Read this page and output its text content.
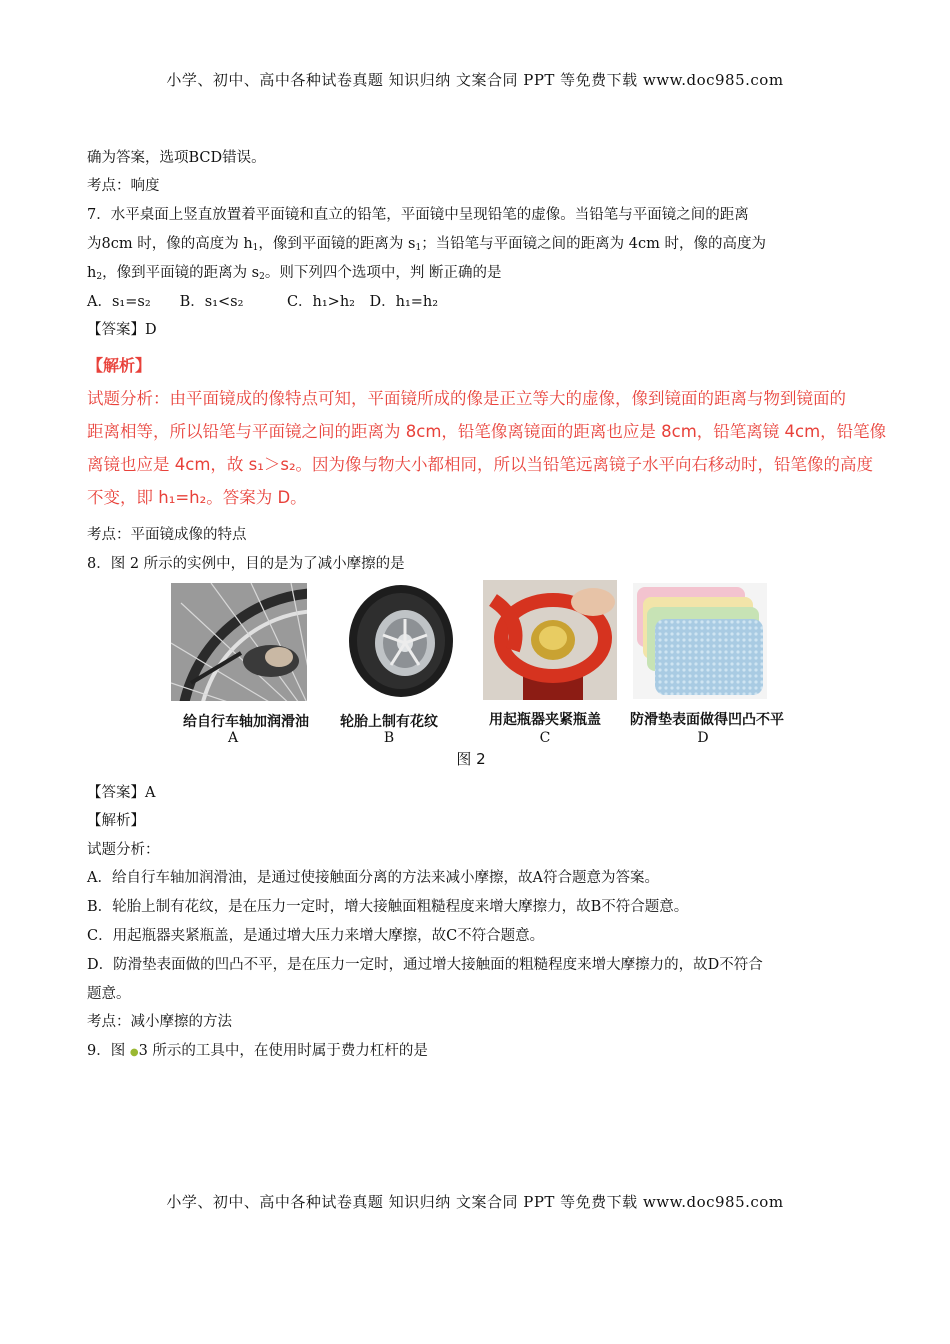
小学、初中、高中各种试卷真题 知识归纳 文案合同 PPT 等免费下载 www.doc985.com
确为答案，选项BCD错误。
考点：响度
7．水平桌面上竖直放置着平面镜和直立的铅笔，平面镜中呈现铅笔的虚像。当铅笔与平面镜之间的距离
为8cm 时，像的高度为 $h_1$，像到平面镜的距离为 $s_1$；当铅笔与平面镜之间的距离为 4cm 时，像的高度为
$h_2$，像到平面镜的距离为 $s_2$。则下列四个选项中，判 断正确的是
A．s₁=s₂　　B．s₁<s₂　　　C．h₁>h₂　D．h₁=h₂
【答案】D
【解析】
试题分析：由平面镜成的像特点可知，平面镜所成的像是正立等大的虚像，像到镜面的距离与物到镜面的
距离相等，所以铅笔与平面镜之间的距离为 8cm，铅笔像离镜面的距离也应是 8cm，铅笔离镜 4cm，铅笔像
离镜也应是 4cm，故 s₁＞s₂。因为像与物大小都相同，所以当铅笔远离镜子水平向右移动时，铅笔像的高度
不变，即 h₁=h₂。答案为 D。
考点：平面镜成像的特点
8．图 2 所示的实例中，目的是为了减小摩擦的是
给自行车轴加润滑油
A
轮胎上制有花纹
B
用起瓶器夹紧瓶盖
C
防滑垫表面做得凹凸不平
D
图 2
【答案】A
【解析】
试题分析：
A．给自行车轴加润滑油，是通过使接触面分离的方法来减小摩擦，故A符合题意为答案。
B．轮胎上制有花纹，是在压力一定时，增大接触面粗糙程度来增大摩擦力，故B不符合题意。
C．用起瓶器夹紧瓶盖，是通过增大压力来增大摩擦，故C不符合题意。
D．防滑垫表面做的凹凸不平，是在压力一定时，通过增大接触面的粗糙程度来增大摩擦力的，故D不符合
题意。
考点：减小摩擦的方法
9．图 ●3 所示的工具中，在使用时属于费力杠杆的是
小学、初中、高中各种试卷真题 知识归纳 文案合同 PPT 等免费下载 www.doc985.com
